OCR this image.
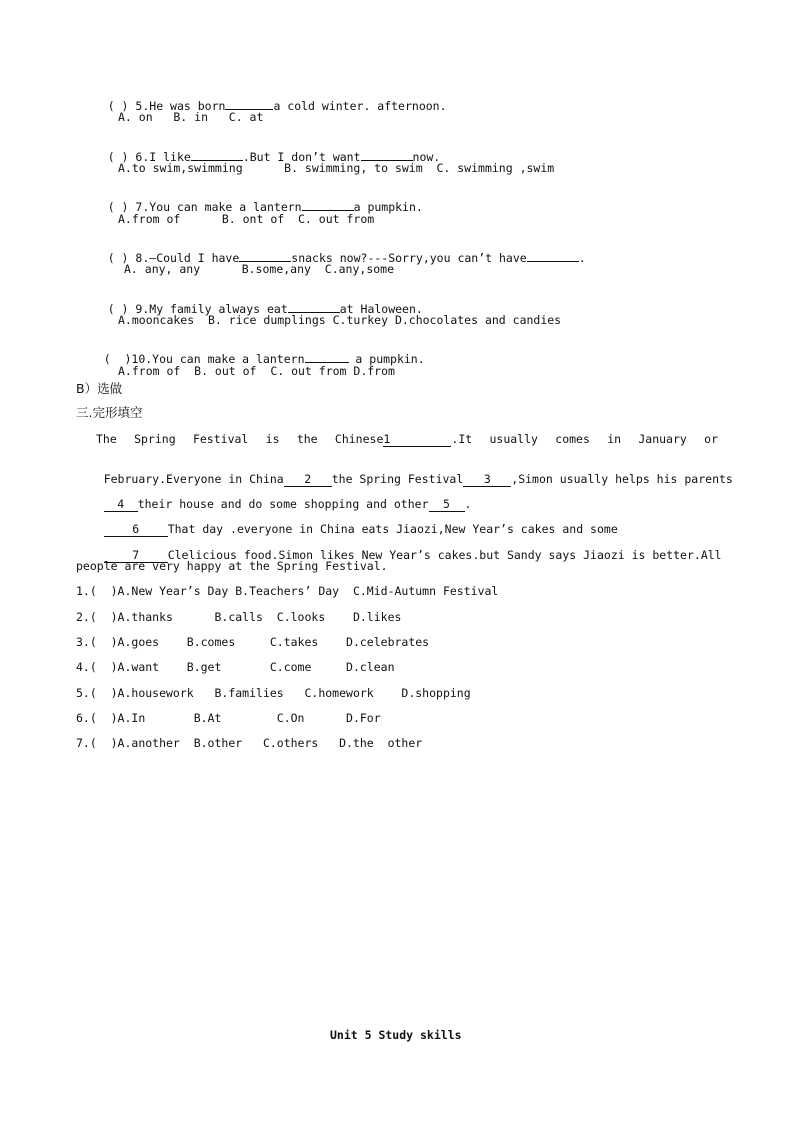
( ) 5.He was born	a cold winter. afternoon.

A. on   B. in   C. at

( ) 6.I like	.But I don’t want	now.

A.to swim,swimming      B. swimming, to swim  C. swimming ,swim

( ) 7.You can make a lantern	a pumpkin.

A.from of      B. ont of  C. out from

( ) 8.—Could I have	snacks now?---Sorry,you can’t have	.

A. any, any      B.some,any  C.any,some

( ) 9.My family always eat	at Haloween.

A.mooncakes  B. rice dumplings C.turkey D.chocolates and candies

(  )10.You can make a lantern	a pumpkin.

A.from of  B. out of  C. out from D.from
B）选做
三.完形填空
The Spring Festival is the Chinese1	.It usually comes in January or

February.Everyone in China 2 the Spring Festival 3 ,Simon usually helps his parents

4 their house and do some shopping and other 5 .

6 That day .everyone in China eats Jiaozi,New Year’s cakes and some

7 Clelicious food.Simon likes New Year’s cakes.but Sandy says Jiaozi is better.All

people are very happy at the Spring Festival.
1.(  )A.New Year’s Day B.Teachers’ Day  C.Mid-Autumn Festival
2.(  )A.thanks      B.calls  C.looks    D.likes
3.(  )A.goes    B.comes     C.takes    D.celebrates
4.(  )A.want    B.get       C.come     D.clean
5.(  )A.housework   B.families   C.homework    D.shopping
6.(  )A.In       B.At        C.On      D.For
7.(  )A.another  B.other   C.others   D.the  other
Unit 5 Study skills
